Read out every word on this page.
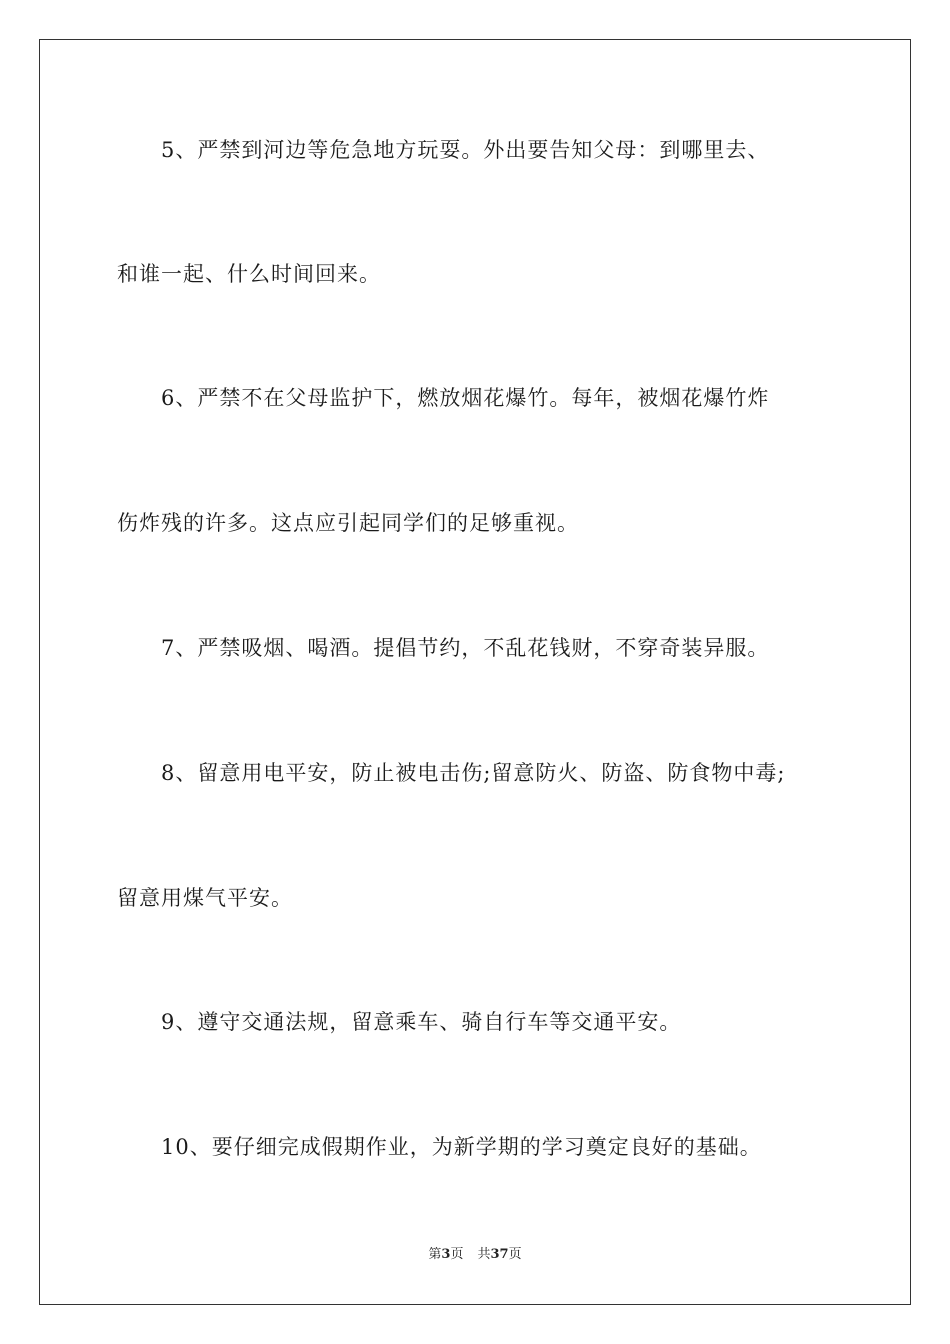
5、严禁到河边等危急地方玩耍。外出要告知父母：到哪里去、
和谁一起、什么时间回来。
6、严禁不在父母监护下，燃放烟花爆竹。每年，被烟花爆竹炸
伤炸残的许多。这点应引起同学们的足够重视。
7、严禁吸烟、喝酒。提倡节约，不乱花钱财，不穿奇装异服。
8、留意用电平安，防止被电击伤;留意防火、防盗、防食物中毒;
留意用煤气平安。
9、遵守交通法规，留意乘车、骑自行车等交通平安。
10、要仔细完成假期作业，为新学期的学习奠定良好的基础。
第3页 共37页
